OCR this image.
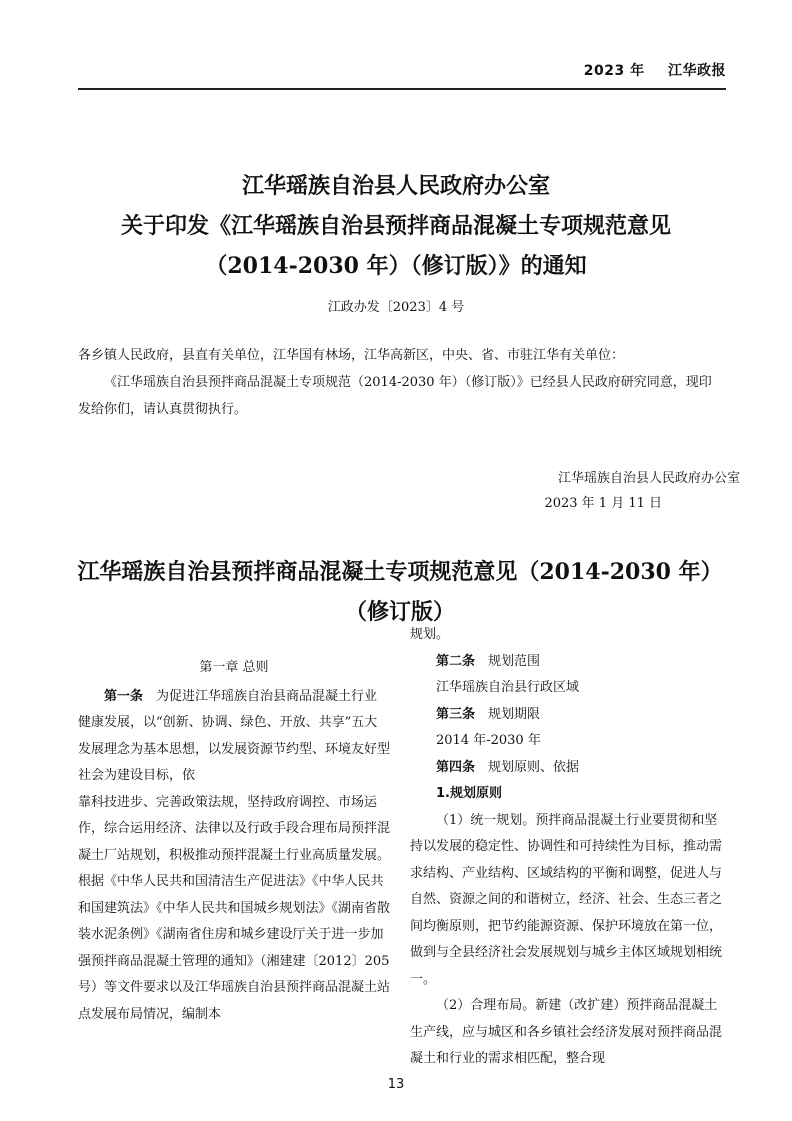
2023 年 江华政报
江华瑶族自治县人民政府办公室
关于印发《江华瑶族自治县预拌商品混凝土专项规范意见
（2014-2030 年）（修订版）》的通知
江政办发〔2023〕4 号
各乡镇人民政府，县直有关单位，江华国有林场，江华高新区，中央、省、市驻江华有关单位：
《江华瑶族自治县预拌商品混凝土专项规范（2014-2030 年）（修订版）》已经县人民政府研究同意，现印发给你们，请认真贯彻执行。
江华瑶族自治县人民政府办公室
2023 年 1 月 11 日
江华瑶族自治县预拌商品混凝土专项规范意见（2014-2030 年）
（修订版）

第一章 总则

第一条　为促进江华瑶族自治县商品混凝土行业健康发展，以“创新、协调、绿色、开放、共享”五大发展理念为基本思想，以发展资源节约型、环境友好型社会为建设目标，依

靠科技进步、完善政策法规，坚持政府调控、市场运作，综合运用经济、法律以及行政手段合理布局预拌混凝土厂站规划，积极推动预拌混凝土行业高质量发展。根据《中华人民共和国清洁生产促进法》《中华人民共和国建筑法》《中华人民共和国城乡规划法》《湖南省散装水泥条例》《湖南省住房和城乡建设厅关于进一步加强预拌商品混凝土管理的通知》（湘建建〔2012〕205 号）等文件要求以及江华瑶族自治县预拌商品混凝土站点发展布局情况，编制本

规划。

第二条　规划范围

江华瑶族自治县行政区域

第三条　规划期限

2014 年-2030 年

第四条　规划原则、依据

1.规划原则

（1）统一规划。预拌商品混凝土行业要贯彻和坚持以发展的稳定性、协调性和可持续性为目标，推动需求结构、产业结构、区域结构的平衡和调整，促进人与自然、资源之间的和谐树立，经济、社会、生态三者之间均衡原则，把节约能源资源、保护环境放在第一位，做到与全县经济社会发展规划与城乡主体区域规划相统一。

（2）合理布局。新建（改扩建）预拌商品混凝土生产线，应与城区和各乡镇社会经济发展对预拌商品混凝土和行业的需求相匹配，整合现

13
